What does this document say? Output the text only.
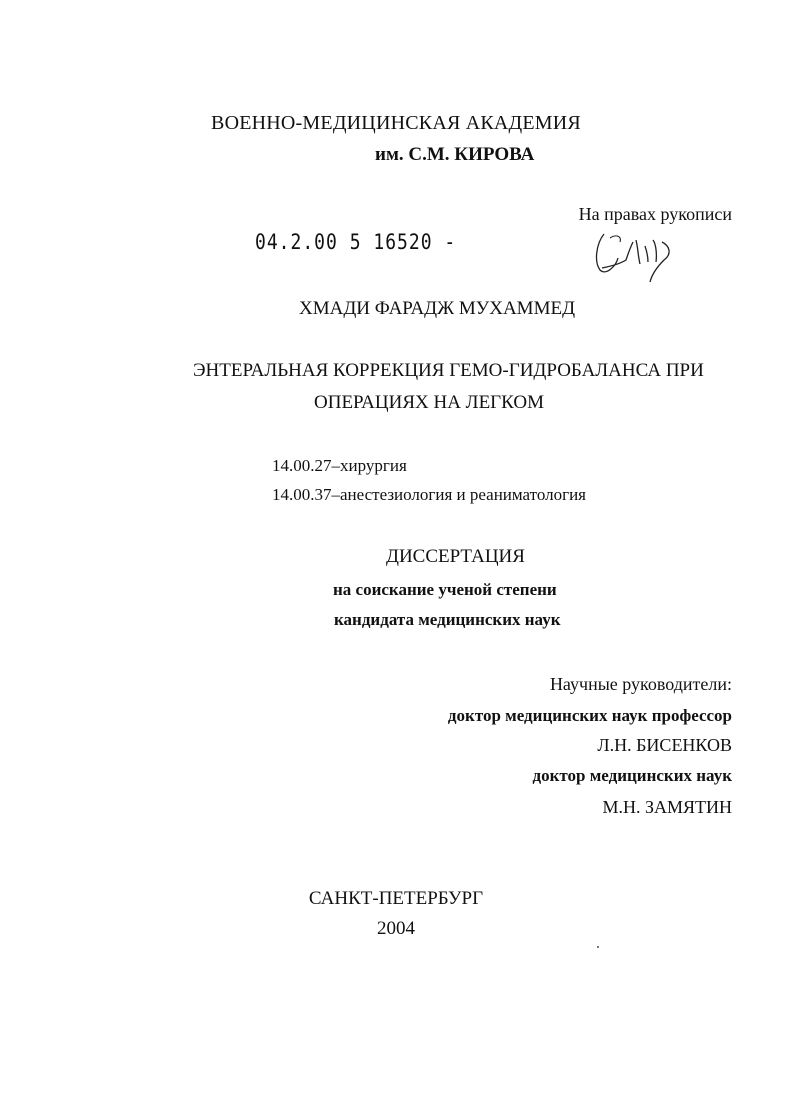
ВОЕННО-МЕДИЦИНСКАЯ АКАДЕМИЯ
им. С.М. КИРОВА
На правах рукописи
04.2.00 5 16520 -
ХМАДИ ФАРАДЖ МУХАММЕД
ЭНТЕРАЛЬНАЯ КОРРЕКЦИЯ ГЕМО-ГИДРОБАЛАНСА ПРИ
ОПЕРАЦИЯХ НА ЛЕГКОМ
14.00.27–хирургия
14.00.37–анестезиология и реаниматология
ДИССЕРТАЦИЯ
на соискание ученой степени
кандидата медицинских наук
Научные руководители:
доктор медицинских наук профессор
Л.Н. БИСЕНКОВ
доктор медицинских наук
М.Н. ЗАМЯТИН
САНКТ-ПЕТЕРБУРГ
2004
